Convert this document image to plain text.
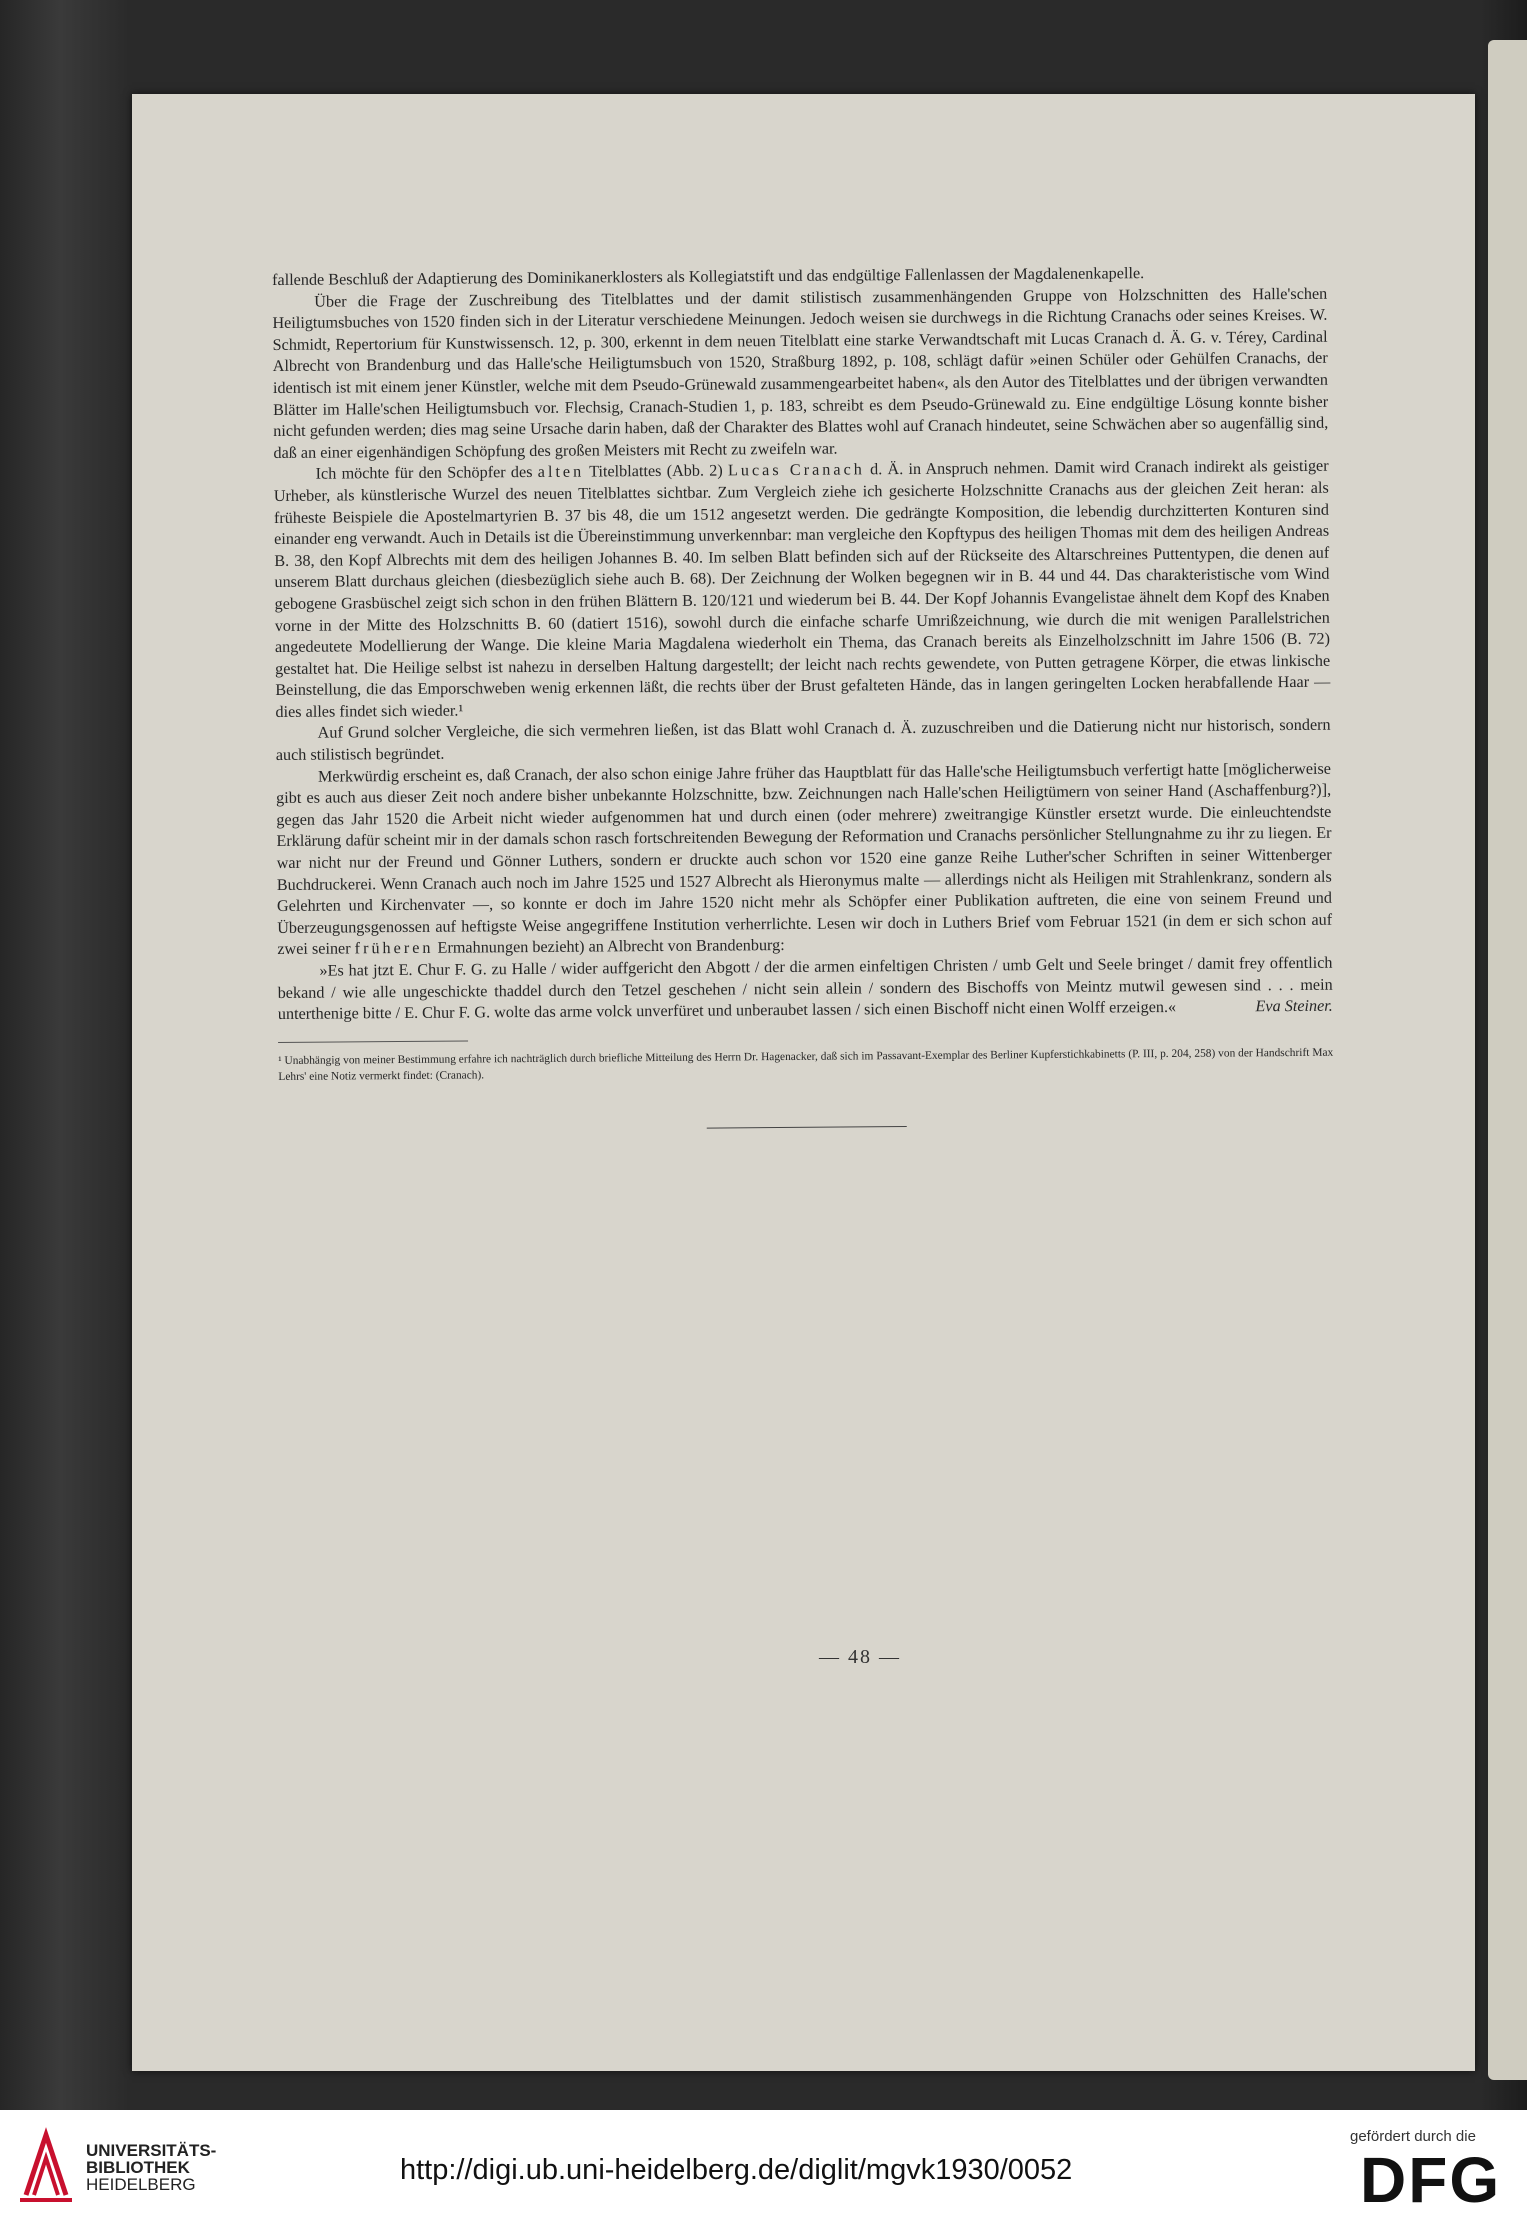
fallende Beschluß der Adaptierung des Dominikanerklosters als Kollegiatstift und das endgültige Fallenlassen der Magdalenenkapelle.

Über die Frage der Zuschreibung des Titelblattes und der damit stilistisch zusammenhängenden Gruppe von Holzschnitten des Halle'schen Heiligtumsbuches von 1520 finden sich in der Literatur verschiedene Meinungen. Jedoch weisen sie durchwegs in die Richtung Cranachs oder seines Kreises. W. Schmidt, Repertorium für Kunstwissensch. 12, p. 300, erkennt in dem neuen Titelblatt eine starke Verwandtschaft mit Lucas Cranach d. Ä. G. v. Térey, Cardinal Albrecht von Brandenburg und das Halle'sche Heiligtumsbuch von 1520, Straßburg 1892, p. 108, schlägt dafür »einen Schüler oder Gehülfen Cranachs, der identisch ist mit einem jener Künstler, welche mit dem Pseudo-Grünewald zusammengearbeitet haben«, als den Autor des Titelblattes und der übrigen verwandten Blätter im Halle'schen Heiligtumsbuch vor. Flechsig, Cranach-Studien 1, p. 183, schreibt es dem Pseudo-Grünewald zu. Eine endgültige Lösung konnte bisher nicht gefunden werden; dies mag seine Ursache darin haben, daß der Charakter des Blattes wohl auf Cranach hindeutet, seine Schwächen aber so augenfällig sind, daß an einer eigenhändigen Schöpfung des großen Meisters mit Recht zu zweifeln war.

Ich möchte für den Schöpfer des alten Titelblattes (Abb. 2) Lucas Cranach d. Ä. in Anspruch nehmen. Damit wird Cranach indirekt als geistiger Urheber, als künstlerische Wurzel des neuen Titelblattes sichtbar. Zum Vergleich ziehe ich gesicherte Holzschnitte Cranachs aus der gleichen Zeit heran: als früheste Beispiele die Apostelmartyrien B. 37 bis 48, die um 1512 angesetzt werden. Die gedrängte Komposition, die lebendig durchzitterten Konturen sind einander eng verwandt. Auch in Details ist die Übereinstimmung unverkennbar: man vergleiche den Kopftypus des heiligen Thomas mit dem des heiligen Andreas B. 38, den Kopf Albrechts mit dem des heiligen Johannes B. 40. Im selben Blatt befinden sich auf der Rückseite des Altarschreines Puttentypen, die denen auf unserem Blatt durchaus gleichen (diesbezüglich siehe auch B. 68). Der Zeichnung der Wolken begegnen wir in B. 44 und 44. Das charakteristische vom Wind gebogene Grasbüschel zeigt sich schon in den frühen Blättern B. 120/121 und wiederum bei B. 44. Der Kopf Johannis Evangelistae ähnelt dem Kopf des Knaben vorne in der Mitte des Holzschnitts B. 60 (datiert 1516), sowohl durch die einfache scharfe Umrißzeichnung, wie durch die mit wenigen Parallelstrichen angedeutete Modellierung der Wange. Die kleine Maria Magdalena wiederholt ein Thema, das Cranach bereits als Einzelholzschnitt im Jahre 1506 (B. 72) gestaltet hat. Die Heilige selbst ist nahezu in derselben Haltung dargestellt; der leicht nach rechts gewendete, von Putten getragene Körper, die etwas linkische Beinstellung, die das Emporschweben wenig erkennen läßt, die rechts über der Brust gefalteten Hände, das in langen geringelten Locken herabfallende Haar — dies alles findet sich wieder.¹

Auf Grund solcher Vergleiche, die sich vermehren ließen, ist das Blatt wohl Cranach d. Ä. zuzuschreiben und die Datierung nicht nur historisch, sondern auch stilistisch begründet.

Merkwürdig erscheint es, daß Cranach, der also schon einige Jahre früher das Hauptblatt für das Halle'sche Heiligtumsbuch verfertigt hatte [möglicherweise gibt es auch aus dieser Zeit noch andere bisher unbekannte Holzschnitte, bzw. Zeichnungen nach Halle'schen Heiligtümern von seiner Hand (Aschaffenburg?)], gegen das Jahr 1520 die Arbeit nicht wieder aufgenommen hat und durch einen (oder mehrere) zweitrangige Künstler ersetzt wurde. Die einleuchtendste Erklärung dafür scheint mir in der damals schon rasch fortschreitenden Bewegung der Reformation und Cranachs persönlicher Stellungnahme zu ihr zu liegen. Er war nicht nur der Freund und Gönner Luthers, sondern er druckte auch schon vor 1520 eine ganze Reihe Luther'scher Schriften in seiner Wittenberger Buchdruckerei. Wenn Cranach auch noch im Jahre 1525 und 1527 Albrecht als Hieronymus malte — allerdings nicht als Heiligen mit Strahlenkranz, sondern als Gelehrten und Kirchenvater —, so konnte er doch im Jahre 1520 nicht mehr als Schöpfer einer Publikation auftreten, die eine von seinem Freund und Überzeugungsgenossen auf heftigste Weise angegriffene Institution verherrlichte. Lesen wir doch in Luthers Brief vom Februar 1521 (in dem er sich schon auf zwei seiner früheren Ermahnungen bezieht) an Albrecht von Brandenburg:

»Es hat jtzt E. Chur F. G. zu Halle / wider auffgericht den Abgott / der die armen einfeltigen Christen / umb Gelt und Seele bringet / damit frey offentlich bekand / wie alle ungeschickte thaddel durch den Tetzel geschehen / nicht sein allein / sondern des Bischoffs von Meintz mutwil gewesen sind . . . mein unterthenige bitte / E. Chur F. G. wolte das arme volck unverfüret und unberaubet lassen / sich einen Bischoff nicht einen Wolff erzeigen.«	Eva Steiner.

¹ Unabhängig von meiner Bestimmung erfahre ich nachträglich durch briefliche Mitteilung des Herrn Dr. Hagenacker, daß sich im Passavant-Exemplar des Berliner Kupferstichkabinetts (P. III, p. 204, 258) von der Handschrift Max Lehrs' eine Notiz vermerkt findet: (Cranach).
— 48 —
UNIVERSITÄTS-
BIBLIOTHEK
HEIDELBERG	http://digi.ub.uni-heidelberg.de/diglit/mgvk1930/0052
gefördert durch die
DFG
